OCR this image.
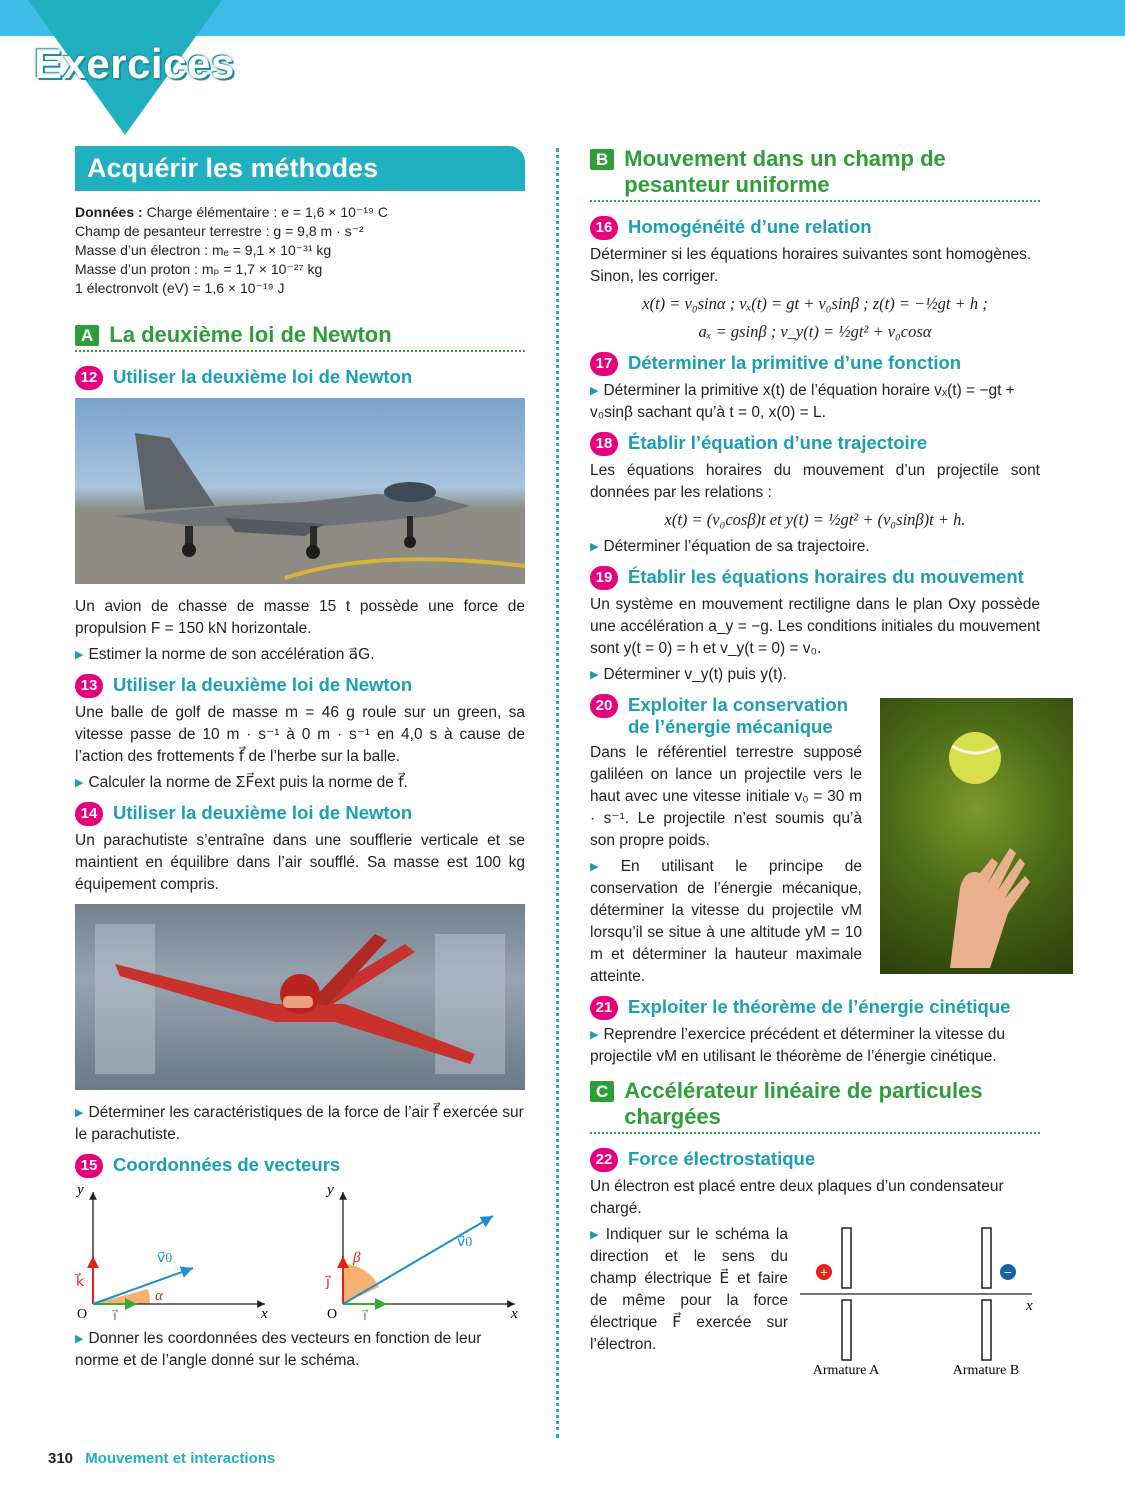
Exercices
Acquérir les méthodes
Données : Charge élémentaire : e = 1,6 × 10⁻¹⁹ C
Champ de pesanteur terrestre : g = 9,8 m · s⁻²
Masse d’un électron : mₑ = 9,1 × 10⁻³¹ kg
Masse d’un proton : mₚ = 1,7 × 10⁻²⁷ kg
1 électronvolt (eV) = 1,6 × 10⁻¹⁹ J
A La deuxième loi de Newton
12 Utiliser la deuxième loi de Newton

Un avion de chasse de masse 15 t possède une force de propulsion F = 150 kN horizontale.

▶ Estimer la norme de son accélération a⃗G.

13 Utiliser la deuxième loi de Newton

Une balle de golf de masse m = 46 g roule sur un green, sa vitesse passe de 10 m · s⁻¹ à 0 m · s⁻¹ en 4,0 s à cause de l’action des frottements f⃗ de l’herbe sur la balle.

▶ Calculer la norme de ΣF⃗ext puis la norme de f⃗.

14 Utiliser la deuxième loi de Newton

Un parachutiste s’entraîne dans une soufflerie verticale et se maintient en équilibre dans l’air soufflé. Sa masse est 100 kg équipement compris.

▶ Déterminer les caractéristiques de la force de l’air f⃗ exercée sur le parachutiste.

15 Coordonnées de vecteurs
y
x
O
k⃗
i⃗
v⃗0
α
y
x
O
j⃗
i⃗
v⃗0
β

▶ Donner les coordonnées des vecteurs en fonction de leur norme et de l’angle donné sur le schéma.

B Mouvement dans un champ de pesanteur uniforme
16 Homogénéité d’une relation

Déterminer si les équations horaires suivantes sont homogènes. Sinon, les corriger.

x(t) = v₀sinα ; vₓ(t) = gt + v₀sinβ ; z(t) = −½gt + h ;
aₓ = gsinβ ; v_y(t) = ½gt² + v₀cosα
17 Déterminer la primitive d’une fonction

▶ Déterminer la primitive x(t) de l’équation horaire vₓ(t) = −gt + v₀sinβ sachant qu’à t = 0, x(0) = L.

18 Établir l’équation d’une trajectoire

Les équations horaires du mouvement d’un projectile sont données par les relations :

x(t) = (v₀cosβ)t et y(t) = ½gt² + (v₀sinβ)t + h.

▶ Déterminer l’équation de sa trajectoire.

19 Établir les équations horaires du mouvement

Un système en mouvement rectiligne dans le plan Oxy possède une accélération a_y = −g. Les conditions initiales du mouvement sont y(t = 0) = h et v_y(t = 0) = v₀.

▶ Déterminer v_y(t) puis y(t).

20 Exploiter la conservation de l’énergie mécanique

Dans le référentiel terrestre supposé galiléen on lance un projectile vers le haut avec une vitesse initiale v₀ = 30 m · s⁻¹. Le projectile n’est soumis qu’à son propre poids.

▶ En utilisant le principe de conservation de l’énergie mécanique, déterminer la vitesse du projectile vM lorsqu’il se situe à une altitude yM = 10 m et déterminer la hauteur maximale atteinte.

21 Exploiter le théorème de l’énergie cinétique

▶ Reprendre l’exercice précédent et déterminer la vitesse du projectile vM en utilisant le théorème de l’énergie cinétique.

C Accélérateur linéaire de particules chargées
22 Force électrostatique

Un électron est placé entre deux plaques d’un condensateur chargé.

▶ Indiquer sur le schéma la direction et le sens du champ électrique E⃗ et faire de même pour la force électrique F⃗ exercée sur l’électron.

+	−
x
Armature A	Armature B
310 Mouvement et interactions
